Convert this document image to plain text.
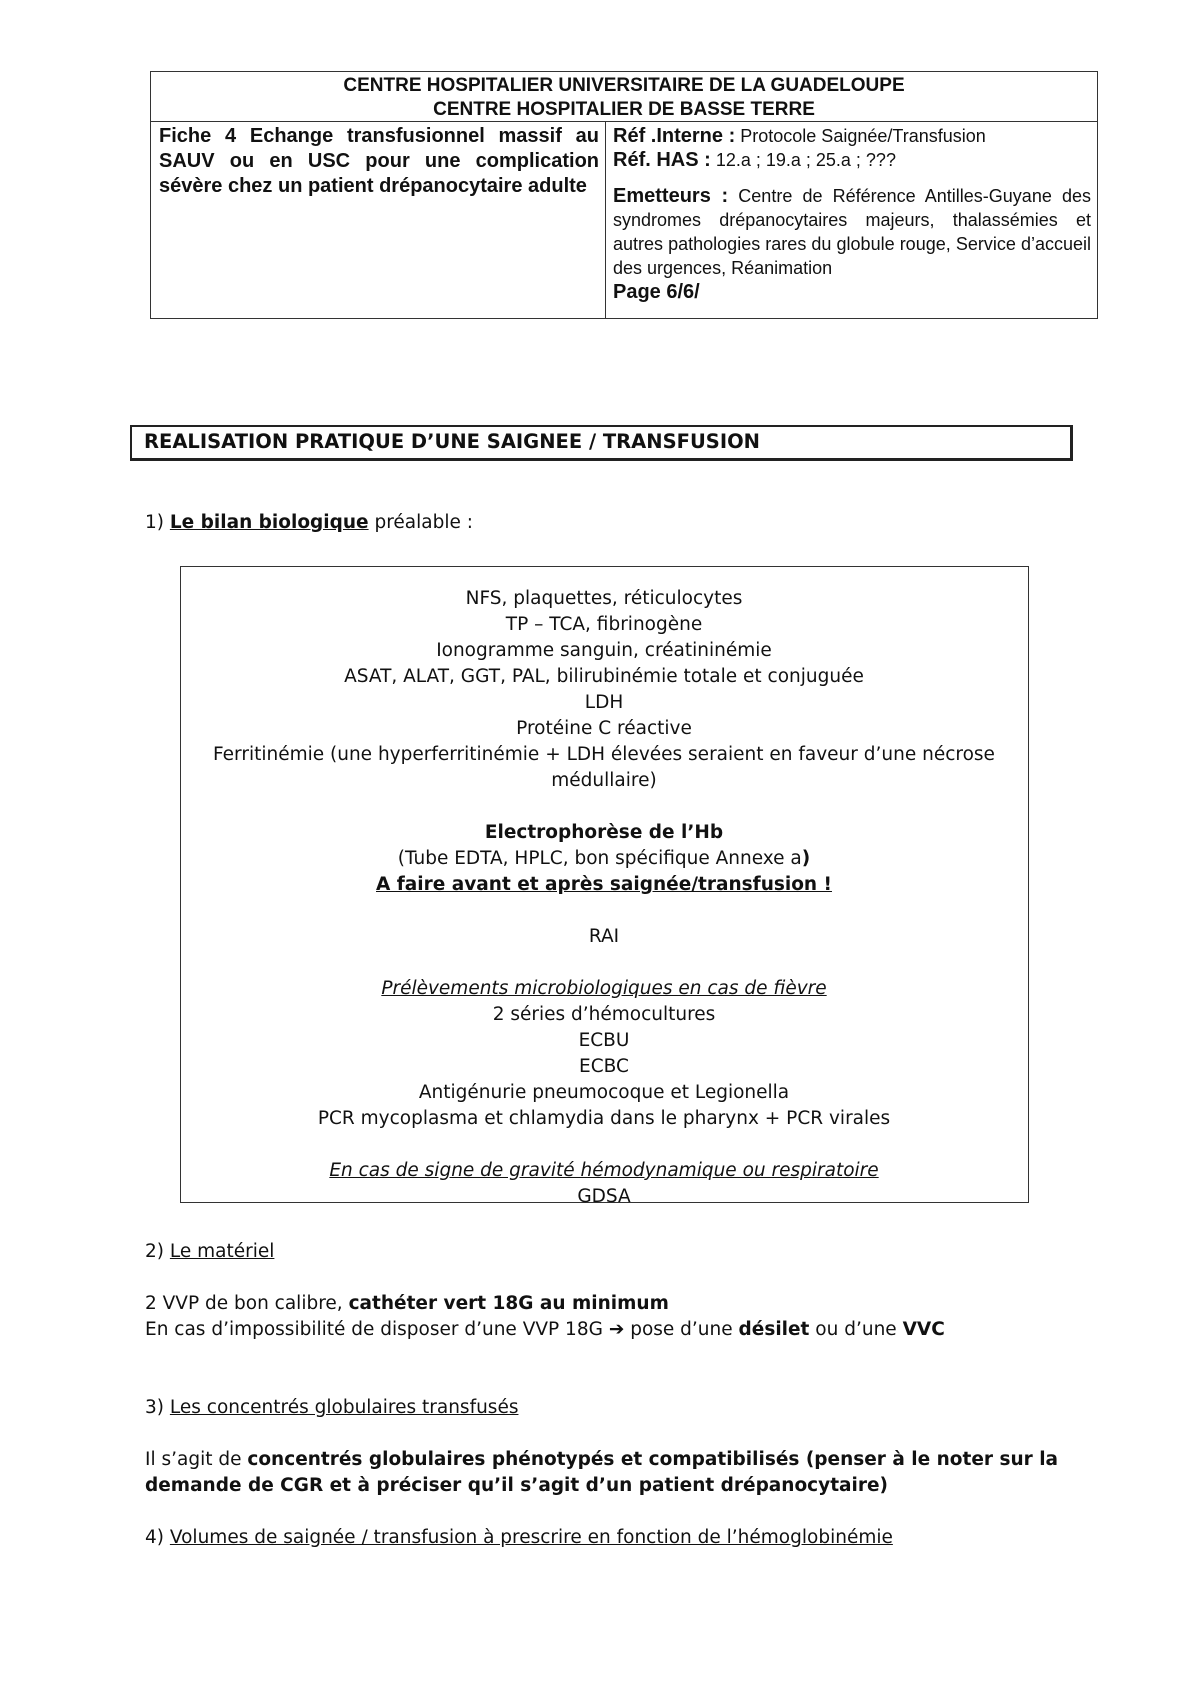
CENTRE HOSPITALIER UNIVERSITAIRE DE LA GUADELOUPE
CENTRE HOSPITALIER DE BASSE TERRE
Fiche 4 Echange transfusionnel massif au SAUV ou en USC pour une complication sévère chez un patient drépanocytaire adulte
Réf .Interne : Protocole Saignée/Transfusion
Réf. HAS : 12.a ; 19.a ; 25.a ; ???
Emetteurs : Centre de Référence Antilles-Guyane des syndromes drépanocytaires majeurs, thalassémies et autres pathologies rares du globule rouge, Service d’accueil des urgences, Réanimation
Page 6/6/
REALISATION PRATIQUE D’UNE SAIGNEE / TRANSFUSION
1) Le bilan biologique préalable :
NFS, plaquettes, réticulocytes
TP – TCA, fibrinogène
Ionogramme sanguin, créatininémie
ASAT, ALAT, GGT, PAL, bilirubinémie totale et conjuguée
LDH
Protéine C réactive
Ferritinémie (une hyperferritinémie + LDH élevées seraient en faveur d’une nécrose médullaire)
Electrophorèse de l’Hb
(Tube EDTA, HPLC, bon spécifique Annexe a)
A faire avant et après saignée/transfusion !
RAI
Prélèvements microbiologiques en cas de fièvre
2 séries d’hémocultures
ECBU
ECBC
Antigénurie pneumocoque et Legionella
PCR mycoplasma et chlamydia dans le pharynx + PCR virales
En cas de signe de gravité hémodynamique ou respiratoire
GDSA
2) Le matériel
2 VVP de bon calibre, cathéter vert 18G au minimum
En cas d’impossibilité de disposer d’une VVP 18G ➔ pose d’une désilet ou d’une VVC
3) Les concentrés globulaires transfusés
Il s’agit de concentrés globulaires phénotypés et compatibilisés (penser à le noter sur la demande de CGR et à préciser qu’il s’agit d’un patient drépanocytaire)
4) Volumes de saignée / transfusion à prescrire en fonction de l’hémoglobinémie
